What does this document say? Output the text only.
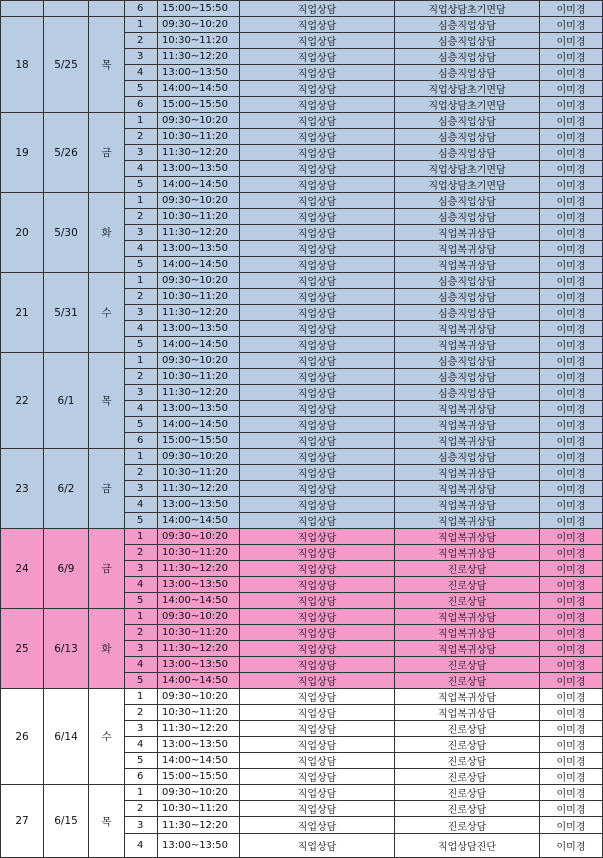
			6	15:00~15:50	직업상담	직업상담초기면담	이미경
18	5/25	목	1	09:30~10:20	직업상담	심층직업상담	이미경
			2	10:30~11:20	직업상담	심층직업상담	이미경
			3	11:30~12:20	직업상담	심층직업상담	이미경
			4	13:00~13:50	직업상담	심층직업상담	이미경
			5	14:00~14:50	직업상담	직업상담초기면담	이미경
			6	15:00~15:50	직업상담	직업상담초기면담	이미경
19	5/26	금	1	09:30~10:20	직업상담	심층직업상담	이미경
			2	10:30~11:20	직업상담	심층직업상담	이미경
			3	11:30~12:20	직업상담	심층직업상담	이미경
			4	13:00~13:50	직업상담	직업상담초기면담	이미경
			5	14:00~14:50	직업상담	직업상담초기면담	이미경
20	5/30	화	1	09:30~10:20	직업상담	심층직업상담	이미경
			2	10:30~11:20	직업상담	심층직업상담	이미경
			3	11:30~12:20	직업상담	직업복귀상담	이미경
			4	13:00~13:50	직업상담	직업복귀상담	이미경
			5	14:00~14:50	직업상담	직업복귀상담	이미경
21	5/31	수	1	09:30~10:20	직업상담	심층직업상담	이미경
			2	10:30~11:20	직업상담	심층직업상담	이미경
			3	11:30~12:20	직업상담	심층직업상담	이미경
			4	13:00~13:50	직업상담	직업복귀상담	이미경
			5	14:00~14:50	직업상담	직업복귀상담	이미경
22	6/1	목	1	09:30~10:20	직업상담	심층직업상담	이미경
			2	10:30~11:20	직업상담	심층직업상담	이미경
			3	11:30~12:20	직업상담	심층직업상담	이미경
			4	13:00~13:50	직업상담	직업복귀상담	이미경
			5	14:00~14:50	직업상담	직업복귀상담	이미경
			6	15:00~15:50	직업상담	직업복귀상담	이미경
23	6/2	금	1	09:30~10:20	직업상담	심층직업상담	이미경
			2	10:30~11:20	직업상담	직업복귀상담	이미경
			3	11:30~12:20	직업상담	직업복귀상담	이미경
			4	13:00~13:50	직업상담	직업복귀상담	이미경
			5	14:00~14:50	직업상담	직업복귀상담	이미경
24	6/9	금	1	09:30~10:20	직업상담	직업복귀상담	이미경
			2	10:30~11:20	직업상담	직업복귀상담	이미경
			3	11:30~12:20	직업상담	진로상담	이미경
			4	13:00~13:50	직업상담	진로상담	이미경
			5	14:00~14:50	직업상담	진로상담	이미경
25	6/13	화	1	09:30~10:20	직업상담	직업복귀상담	이미경
			2	10:30~11:20	직업상담	직업복귀상담	이미경
			3	11:30~12:20	직업상담	직업복귀상담	이미경
			4	13:00~13:50	직업상담	진로상담	이미경
			5	14:00~14:50	직업상담	진로상담	이미경
26	6/14	수	1	09:30~10:20	직업상담	직업복귀상담	이미경
			2	10:30~11:20	직업상담	직업복귀상담	이미경
			3	11:30~12:20	직업상담	진로상담	이미경
			4	13:00~13:50	직업상담	진로상담	이미경
			5	14:00~14:50	직업상담	진로상담	이미경
			6	15:00~15:50	직업상담	진로상담	이미경
27	6/15	목	1	09:30~10:20	직업상담	진로상담	이미경
			2	10:30~11:20	직업상담	진로상담	이미경
			3	11:30~12:20	직업상담	진로상담	이미경
			4	13:00~13:50	직업상담	직업상담진단	이미경
